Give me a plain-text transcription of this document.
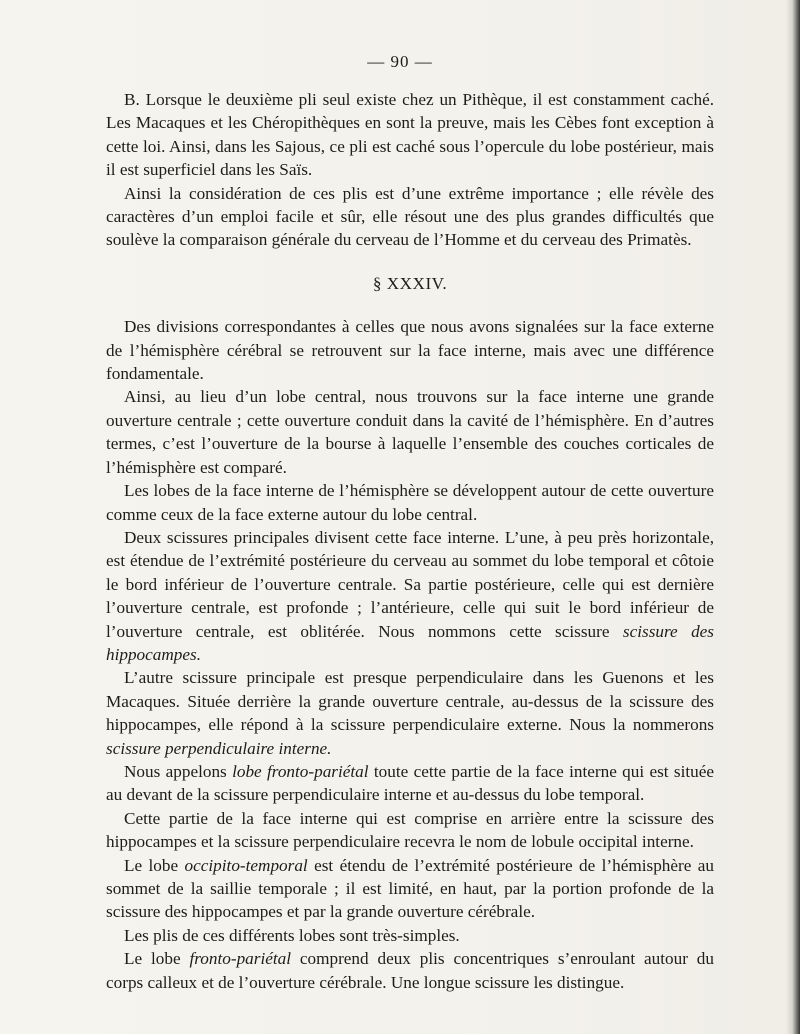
— 90 —

B. Lorsque le deuxième pli seul existe chez un Pithèque, il est constamment caché. Les Macaques et les Chéropithèques en sont la preuve, mais les Cèbes font exception à cette loi. Ainsi, dans les Sajous, ce pli est caché sous l’opercule du lobe postérieur, mais il est superficiel dans les Saïs.

Ainsi la considération de ces plis est d’une extrême importance ; elle révèle des caractères d’un emploi facile et sûr, elle résout une des plus grandes difficultés que soulève la comparaison générale du cerveau de l’Homme et du cerveau des Primatès.

§ XXXIV.

Des divisions correspondantes à celles que nous avons signalées sur la face externe de l’hémisphère cérébral se retrouvent sur la face interne, mais avec une différence fondamentale.

Ainsi, au lieu d’un lobe central, nous trouvons sur la face interne une grande ouverture centrale ; cette ouverture conduit dans la cavité de l’hémisphère. En d’autres termes, c’est l’ouverture de la bourse à laquelle l’ensemble des couches corticales de l’hémisphère est comparé.

Les lobes de la face interne de l’hémisphère se développent autour de cette ouverture comme ceux de la face externe autour du lobe central.

Deux scissures principales divisent cette face interne. L’une, à peu près horizontale, est étendue de l’extrémité postérieure du cerveau au sommet du lobe temporal et côtoie le bord inférieur de l’ouverture centrale. Sa partie postérieure, celle qui est dernière l’ouverture centrale, est profonde ; l’antérieure, celle qui suit le bord inférieur de l’ouverture centrale, est oblitérée. Nous nommons cette scissure scissure des hippocampes.

L’autre scissure principale est presque perpendiculaire dans les Guenons et les Macaques. Située derrière la grande ouverture centrale, au-dessus de la scissure des hippocampes, elle répond à la scissure perpendiculaire externe. Nous la nommerons scissure perpendiculaire interne.

Nous appelons lobe fronto-pariétal toute cette partie de la face interne qui est située au devant de la scissure perpendiculaire interne et au-dessus du lobe temporal.

Cette partie de la face interne qui est comprise en arrière entre la scissure des hippocampes et la scissure perpendiculaire recevra le nom de lobule occipital interne.

Le lobe occipito-temporal est étendu de l’extrémité postérieure de l’hémisphère au sommet de la saillie temporale ; il est limité, en haut, par la portion profonde de la scissure des hippocampes et par la grande ouverture cérébrale.

Les plis de ces différents lobes sont très-simples.

Le lobe fronto-pariétal comprend deux plis concentriques s’enroulant autour du corps calleux et de l’ouverture cérébrale. Une longue scissure les distingue.
